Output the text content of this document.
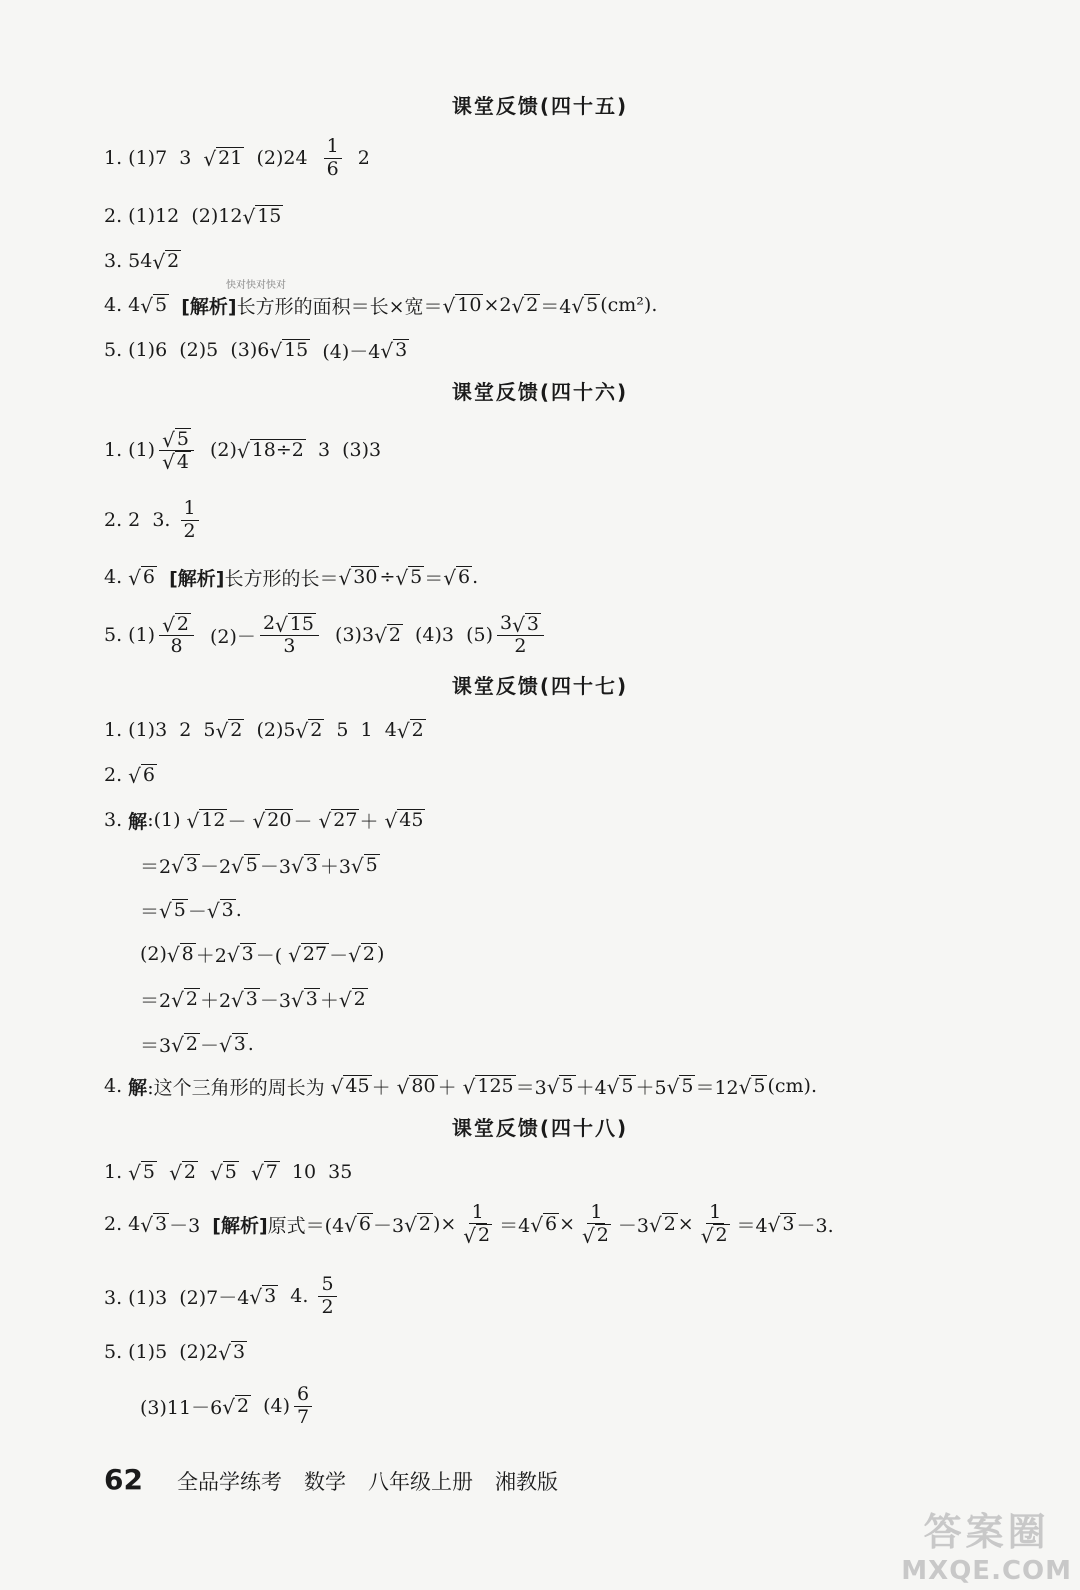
课堂反馈(四十五)
课堂反馈(四十六)
课堂反馈(四十七)
课堂反馈(四十八)
1. (1)7  3 √ 21 $(2)24 \frac{1}{6} 2$
2. (1)12  (2)12 √ 15
3. 54 √ 2
4. 4 √ 5
[解析] 长方形的面积＝长×宽＝ √ 10 ×2 √ 2 ＝4 √ 5 (cm²).
5. (1)6  (2)5  (3)6 √ 15 (4)－4 √ 3
1. $(1) \frac{√ 5}{√ 4} (2)$ √ 18÷2 3  (3)3
2. 2  3. $\frac{1}{2}$
4. √ 6
[解析] 长方形的长＝ √ 30 ÷ √ 5 ＝ √ 6 .
5. $(1) \frac{√ 2}{8} (2)- \frac{2 √ 15}{3} (3)3$ √ 2 (4)3  $(5) \frac{3 √ 3}{2}$
1. (1)3  2  5 √ 2 (2)5 √ 2 5  1  4 √ 2
2. √ 6
3. 解 :(1) √ 12 － √ 20 － √ 27 ＋ √ 45
＝2 √ 3 －2 √ 5 －3 √ 3 ＋3 √ 5
＝ √ 5 － √ 3 .
(2) √ 8 ＋2 √ 3 －( √ 27 － √ 2 )
＝2 √ 2 ＋2 √ 3 －3 √ 3 ＋ √ 2
＝3 √ 2 － √ 3 .
4. 解 :这个三角形的周长为 √ 45 ＋ √ 80 ＋ √ 125 ＝3 √ 5 ＋4 √ 5 ＋5 √ 5 ＝12 √ 5 (cm).
1. √ 5
√ 2
√ 5
√ 7 10  35
2. 4 √ 3 －3 [解析] 原式＝(4 √ 6 －3 √ 2 )× $\frac{1}{√ 2} =4$ √ $6 \times \frac{1}{√ 2} -3$ √ $2 \times \frac{1}{√ 2} =4$ √ 3 －3.
3. (1)3  (2)7－4 √ 3 4. $\frac{5}{2}$
5. (1)5  (2)2 √ 3
(3)11－6 √ 2 $(4) \frac{6}{7}$
快对快对快对
62 全品学练考 数学 八年级上册 湘教版
答案圈
MXQE.COM
